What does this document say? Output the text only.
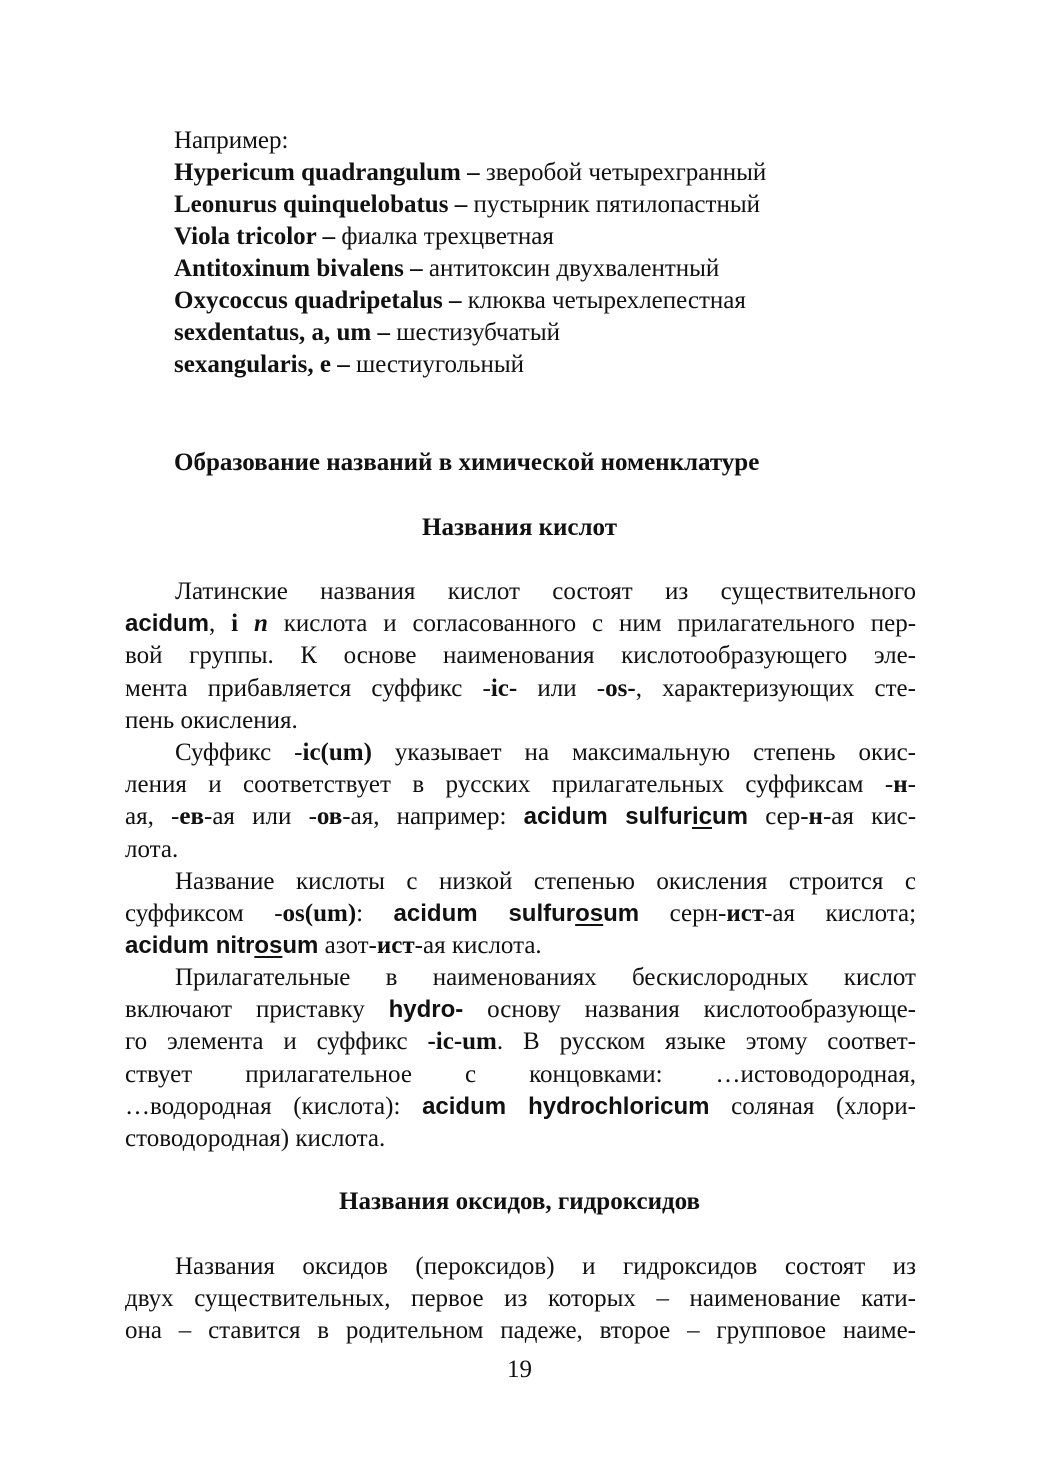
Например:
Hypericum quadrangulum – зверобой четырехгранный
Leonurus quinquelobatus – пустырник пятилопастный
Viola tricolor – фиалка трехцветная
Antitoxinum bivalens – антитоксин двухвалентный
Oxycoccus quadripetalus – клюква четырехлепестная
sexdentatus, a, um – шестизубчатый
sexangularis, e – шестиугольный
Образование названий в химической номенклатуре
Названия кислот
Латинские названия кислот состоят из существительного
acidum, i n кислота и согласованного с ним прилагательного пер-
вой группы. К основе наименования кислотообразующего эле-
мента прибавляется суффикс -ic- или -os-, характеризующих сте-
пень окисления.
Суффикс -ic(um) указывает на максимальную степень окис-
ления и соответствует в русских прилагательных суффиксам -н-
ая, -ев-ая или -ов-ая, например: acidum sulfuricum сер-н-ая кис-
лота.
Название кислоты с низкой степенью окисления строится с
суффиксом -os(um): acidum sulfurosum серн-ист-ая кислота;
acidum nitrosum азот-ист-ая кислота.
Прилагательные в наименованиях бескислородных кислот
включают приставку hydro- основу названия кислотообразующе-
го элемента и суффикс -ic-um. В русском языке этому соответ-
ствует прилагательное с концовками: …истоводородная,
…водородная (кислота): acidum hydrochloricum соляная (хлори-
стоводородная) кислота.
Названия оксидов, гидроксидов
Названия оксидов (пероксидов) и гидроксидов состоят из
двух существительных, первое из которых – наименование кати-
она – ставится в родительном падеже, второе – групповое наиме-
19
